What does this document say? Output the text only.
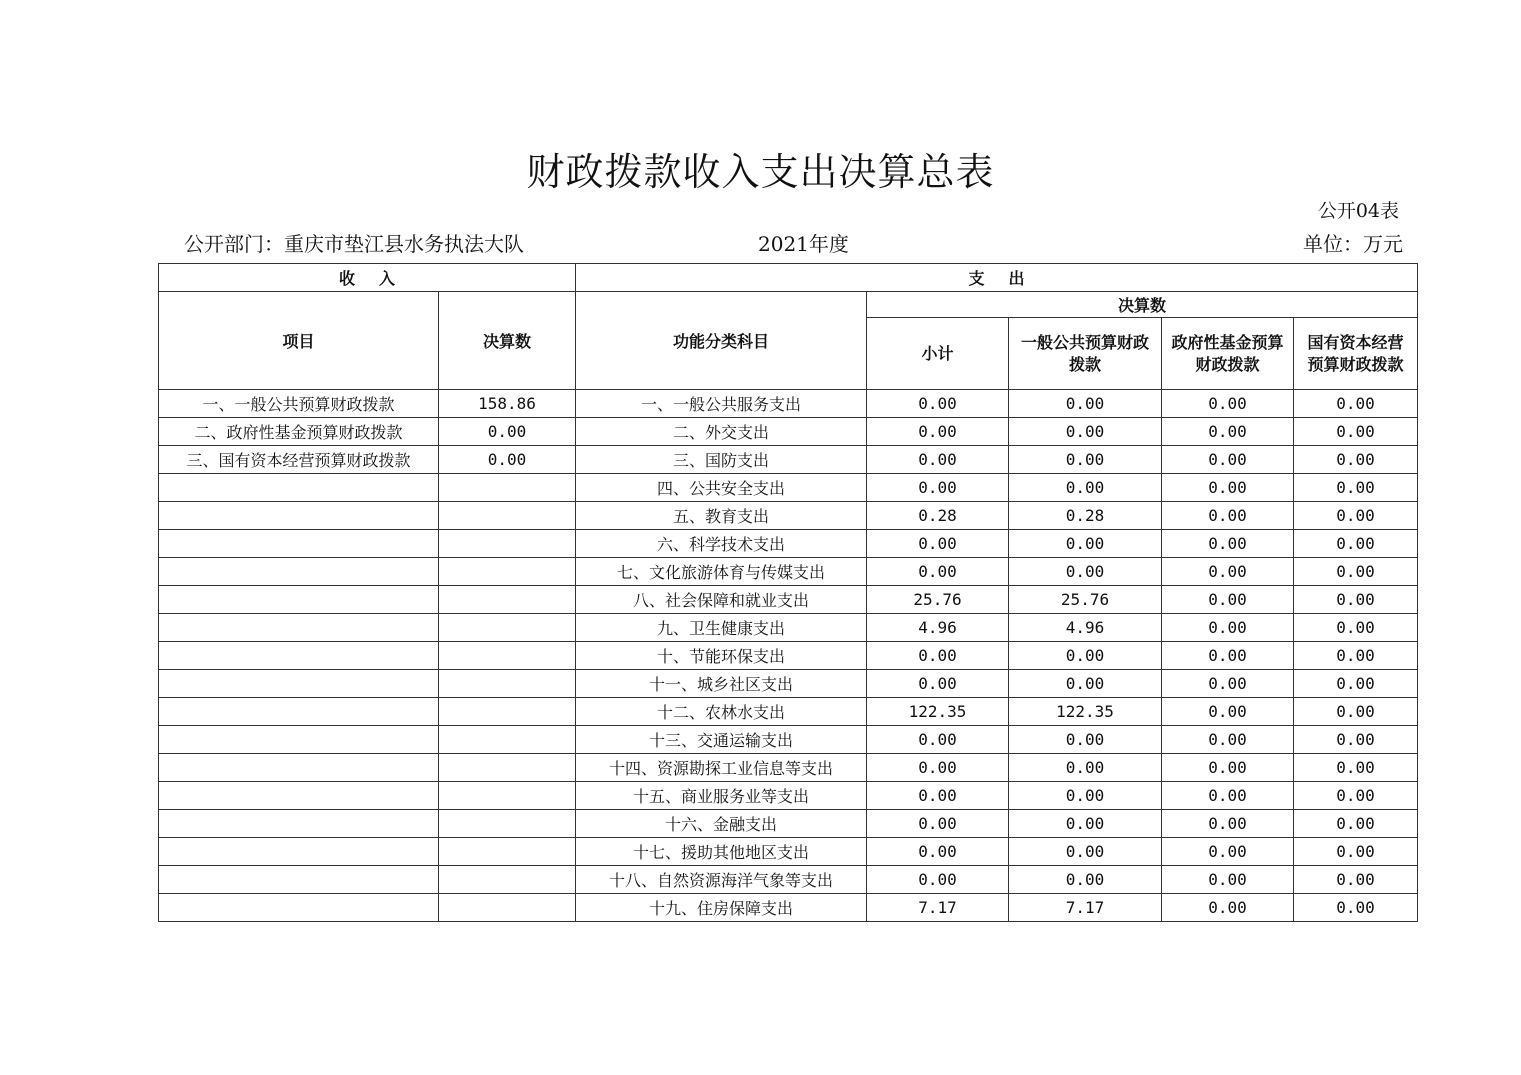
财政拨款收入支出决算总表
公开04表
公开部门：重庆市垫江县水务执法大队	2021年度	单位：万元
收入		支出				
项目	决算数	功能分类科目	决算数			
			小计	一般公共预算财政拨款	政府性基金预算财政拨款	国有资本经营预算财政拨款
一、一般公共预算财政拨款	158.86	一、一般公共服务支出	0.00	0.00	0.00	0.00
二、政府性基金预算财政拨款	0.00	二、外交支出	0.00	0.00	0.00	0.00
三、国有资本经营预算财政拨款	0.00	三、国防支出	0.00	0.00	0.00	0.00
		四、公共安全支出	0.00	0.00	0.00	0.00
		五、教育支出	0.28	0.28	0.00	0.00
		六、科学技术支出	0.00	0.00	0.00	0.00
		七、文化旅游体育与传媒支出	0.00	0.00	0.00	0.00
		八、社会保障和就业支出	25.76	25.76	0.00	0.00
		九、卫生健康支出	4.96	4.96	0.00	0.00
		十、节能环保支出	0.00	0.00	0.00	0.00
		十一、城乡社区支出	0.00	0.00	0.00	0.00
		十二、农林水支出	122.35	122.35	0.00	0.00
		十三、交通运输支出	0.00	0.00	0.00	0.00
		十四、资源勘探工业信息等支出	0.00	0.00	0.00	0.00
		十五、商业服务业等支出	0.00	0.00	0.00	0.00
		十六、金融支出	0.00	0.00	0.00	0.00
		十七、援助其他地区支出	0.00	0.00	0.00	0.00
		十八、自然资源海洋气象等支出	0.00	0.00	0.00	0.00
		十九、住房保障支出	7.17	7.17	0.00	0.00
